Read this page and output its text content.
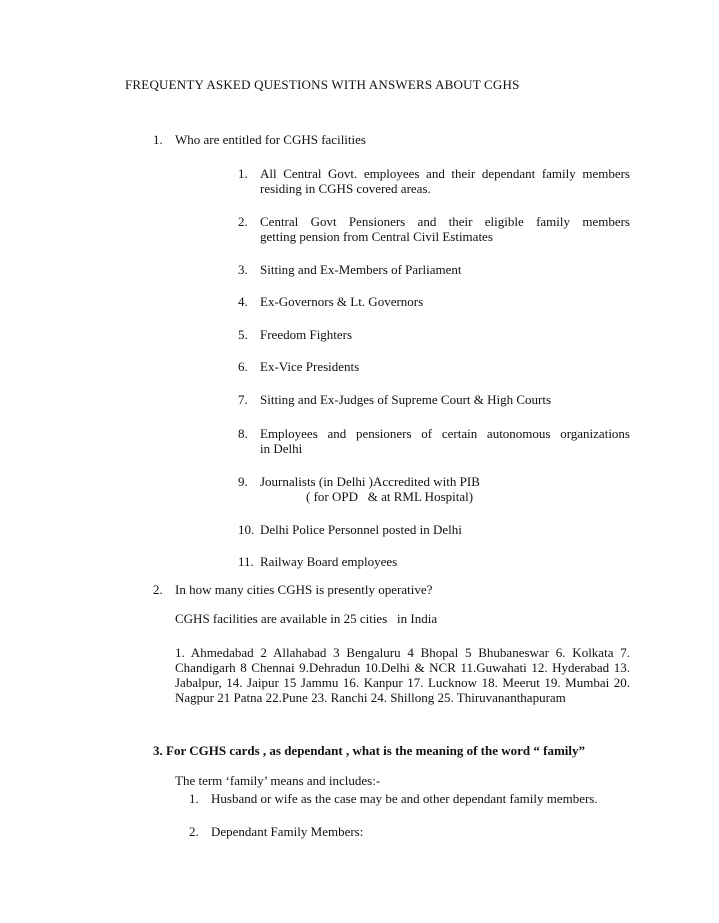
FREQUENTY ASKED QUESTIONS WITH ANSWERS ABOUT CGHS
1. Who are entitled for CGHS facilities
1. All Central Govt. employees and their dependant family members
residing in CGHS covered areas.
2. Central Govt Pensioners and their eligible family members
getting pension from Central Civil Estimates
3. Sitting and Ex-Members of Parliament
4. Ex-Governors & Lt. Governors
5. Freedom Fighters
6. Ex-Vice Presidents
7. Sitting and Ex-Judges of Supreme Court & High Courts
8. Employees and pensioners of certain autonomous organizations
in Delhi
9. Journalists (in Delhi )Accredited with PIB
( for OPD   & at RML Hospital)
10. Delhi Police Personnel posted in Delhi
11. Railway Board employees
2. In how many cities CGHS is presently operative?
CGHS facilities are available in 25 cities   in India
1. Ahmedabad 2 Allahabad 3 Bengaluru 4 Bhopal 5 Bhubaneswar 6. Kolkata 7. Chandigarh 8 Chennai 9.Dehradun 10.Delhi & NCR 11.Guwahati 12. Hyderabad 13. Jabalpur, 14. Jaipur 15 Jammu 16. Kanpur 17. Lucknow 18. Meerut 19. Mumbai 20. Nagpur 21 Patna 22.Pune 23. Ranchi 24. Shillong 25. Thiruvananthapuram
3. For CGHS cards , as dependant , what is the meaning of the word “ family”
The term ‘family’ means and includes:-
1. Husband or wife as the case may be and other dependant family members.
2. Dependant Family Members:
